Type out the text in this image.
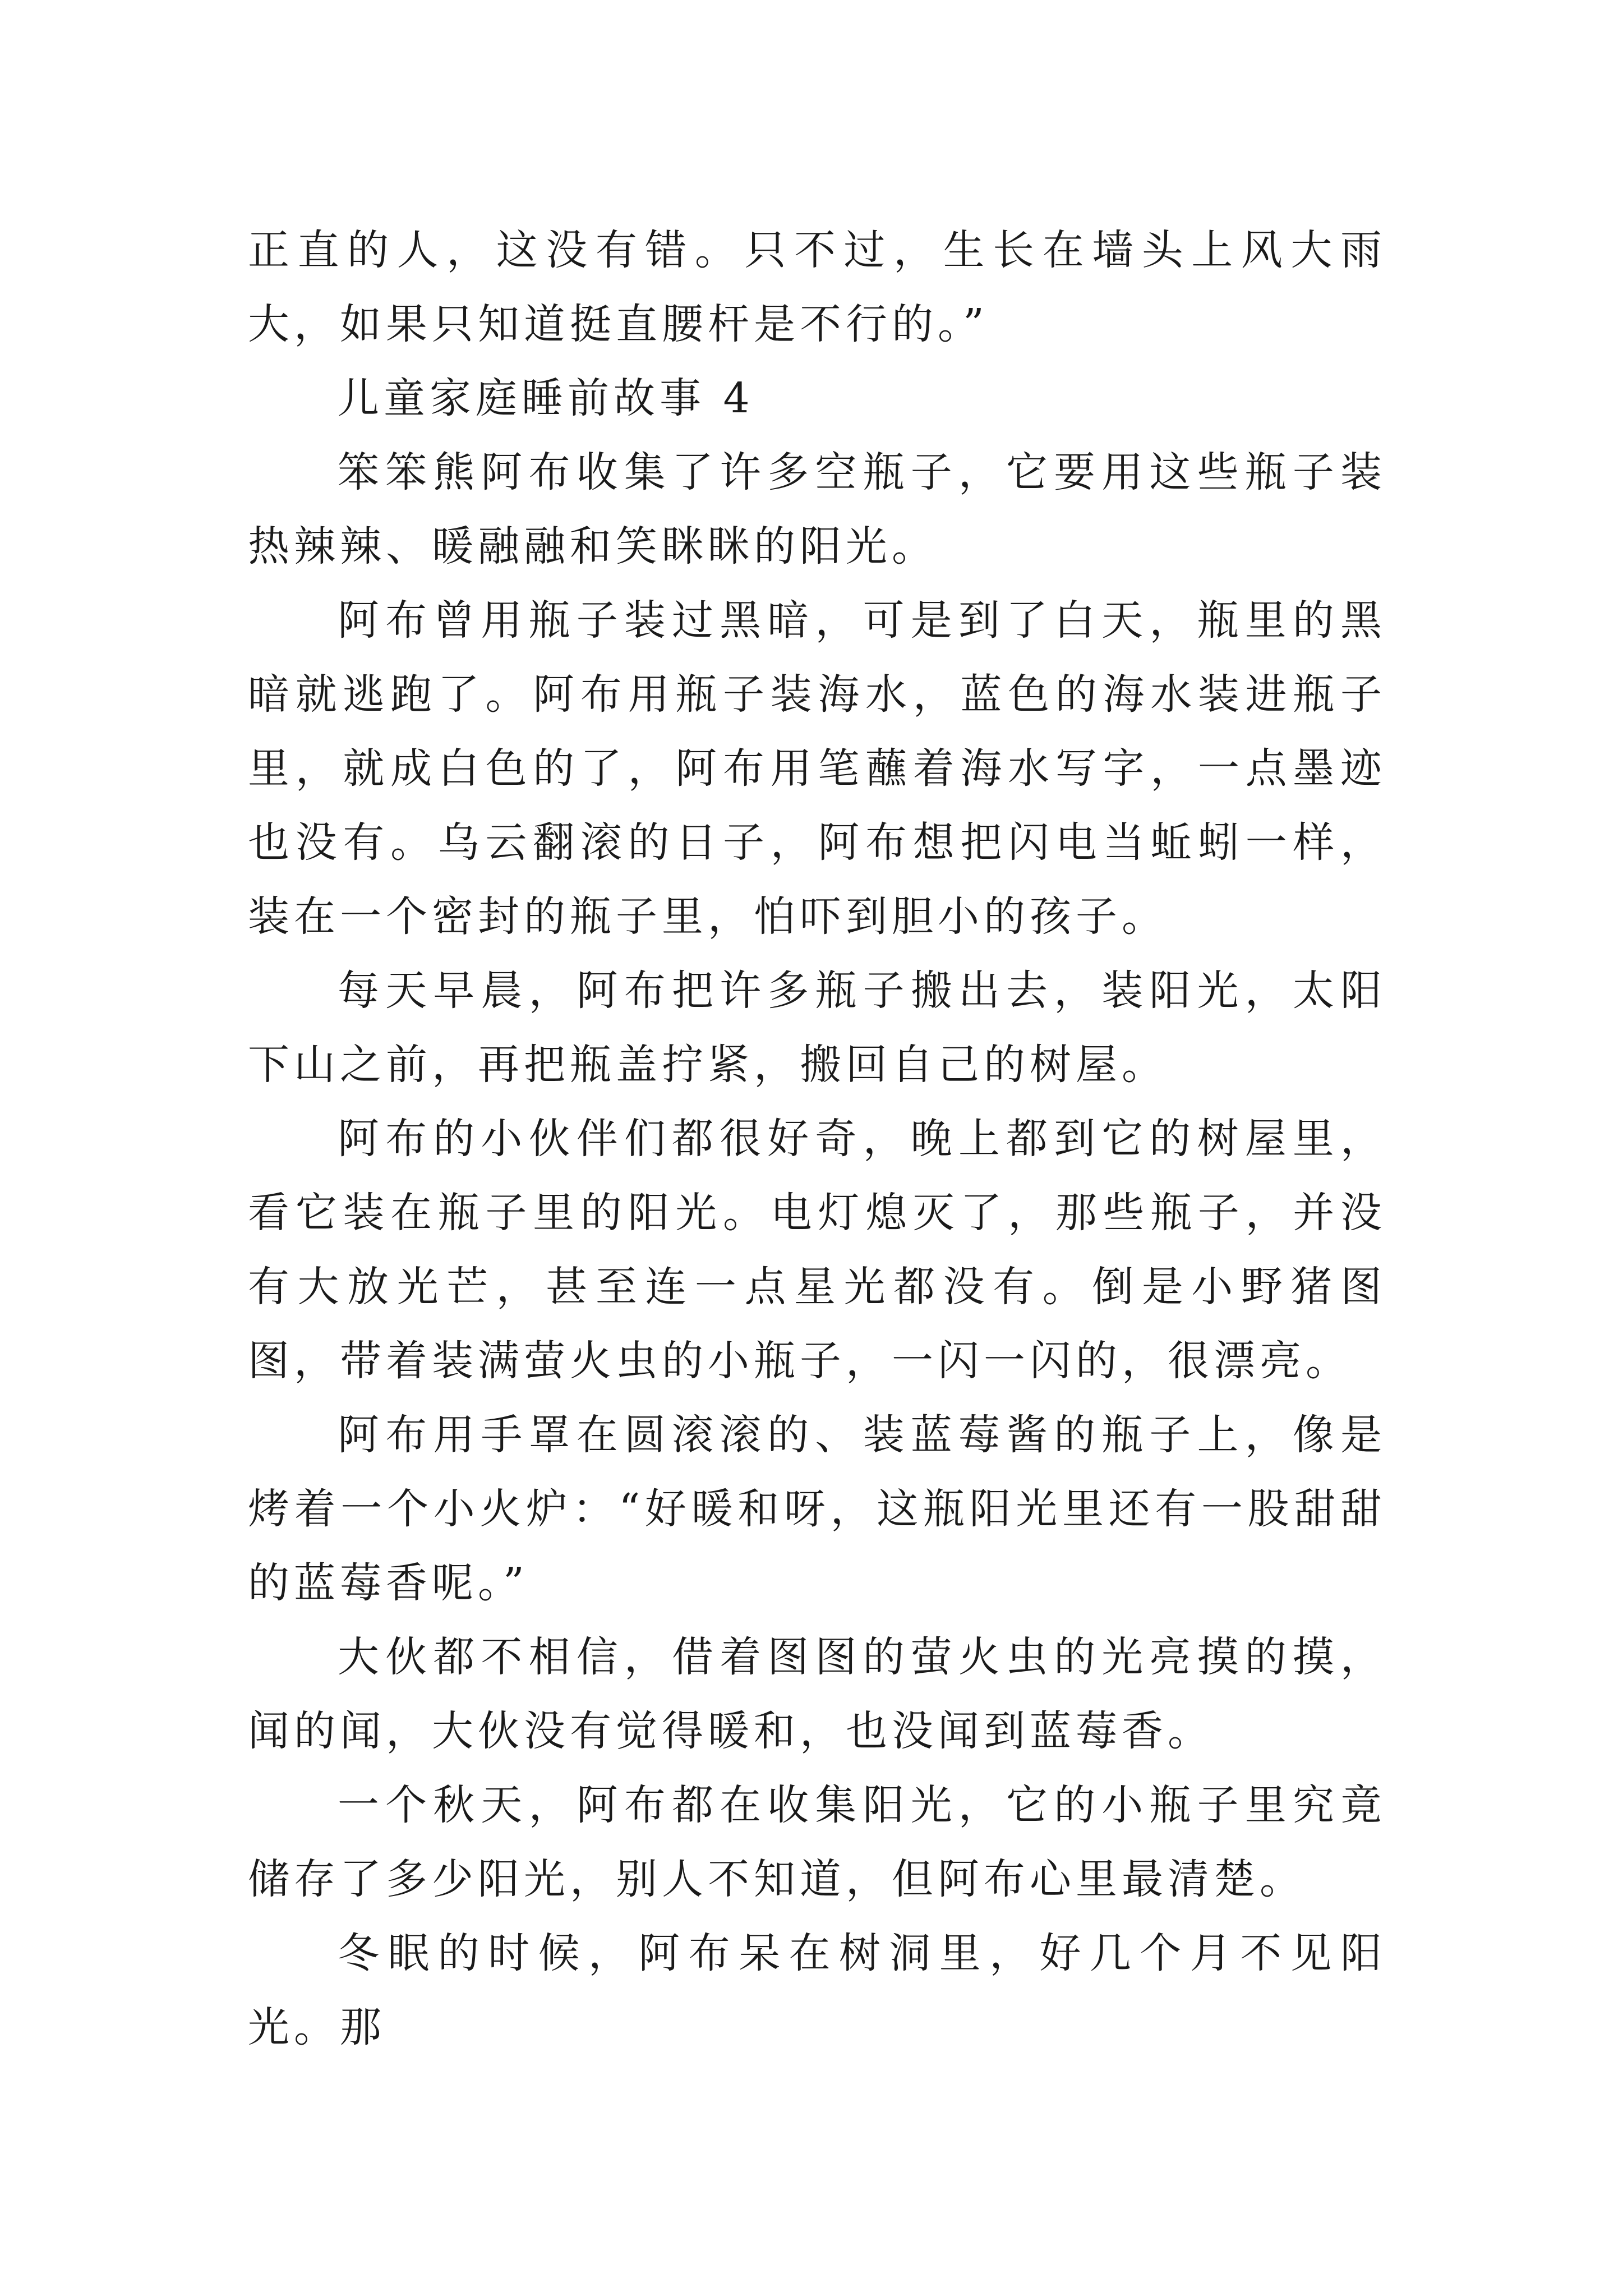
正直的人，这没有错。只不过，生长在墙头上风大雨大，如果只知道挺直腰杆是不行的。”

儿童家庭睡前故事 4

笨笨熊阿布收集了许多空瓶子，它要用这些瓶子装热辣辣、暖融融和笑眯眯的阳光。

阿布曾用瓶子装过黑暗，可是到了白天，瓶里的黑暗就逃跑了。阿布用瓶子装海水，蓝色的海水装进瓶子里，就成白色的了，阿布用笔蘸着海水写字，一点墨迹也没有。乌云翻滚的日子，阿布想把闪电当蚯蚓一样，装在一个密封的瓶子里，怕吓到胆小的孩子。

每天早晨，阿布把许多瓶子搬出去，装阳光，太阳下山之前，再把瓶盖拧紧，搬回自己的树屋。

阿布的小伙伴们都很好奇，晚上都到它的树屋里，看它装在瓶子里的阳光。电灯熄灭了，那些瓶子，并没有大放光芒，甚至连一点星光都没有。倒是小野猪图图，带着装满萤火虫的小瓶子，一闪一闪的，很漂亮。

阿布用手罩在圆滚滚的、装蓝莓酱的瓶子上，像是烤着一个小火炉：“好暖和呀，这瓶阳光里还有一股甜甜的蓝莓香呢。”

大伙都不相信，借着图图的萤火虫的光亮摸的摸，闻的闻，大伙没有觉得暖和，也没闻到蓝莓香。

一个秋天，阿布都在收集阳光，它的小瓶子里究竟储存了多少阳光，别人不知道，但阿布心里最清楚。

冬眠的时候，阿布呆在树洞里，好几个月不见阳光。那
